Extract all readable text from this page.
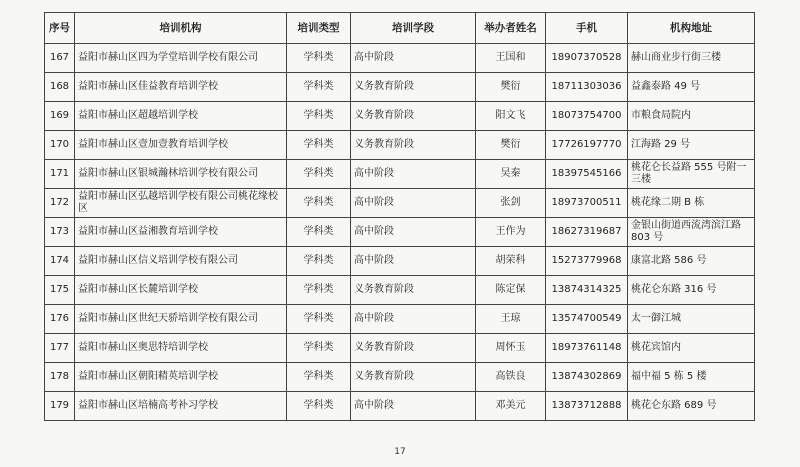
序号	培训机构	培训类型	培训学段	举办者姓名	手机	机构地址
167	益阳市赫山区四为学堂培训学校有限公司	学科类	高中阶段	王国和	18907370528	赫山商业步行街三楼
168	益阳市赫山区佳益教育培训学校	学科类	义务教育阶段	樊衍	18711303036	益鑫泰路 49 号
169	益阳市赫山区超越培训学校	学科类	义务教育阶段	阳文飞	18073754700	市粮食局院内
170	益阳市赫山区壹加壹教育培训学校	学科类	义务教育阶段	樊衍	17726197770	江海路 29 号
171	益阳市赫山区银城瀚林培训学校有限公司	学科类	高中阶段	吴秦	18397545166	桃花仑长益路 555 号附一三楼
172	益阳市赫山区弘越培训学校有限公司桃花缘校区	学科类	高中阶段	张剑	18973700511	桃花缘二期 B 栋
173	益阳市赫山区益湘教育培训学校	学科类	高中阶段	王作为	18627319687	金银山街道西流湾滨江路 803 号
174	益阳市赫山区信义培训学校有限公司	学科类	高中阶段	胡荣科	15273779968	康富北路 586 号
175	益阳市赫山区长麓培训学校	学科类	义务教育阶段	陈定保	13874314325	桃花仑东路 316 号
176	益阳市赫山区世纪天骄培训学校有限公司	学科类	高中阶段	王琼	13574700549	太一御江城
177	益阳市赫山区奥思特培训学校	学科类	义务教育阶段	周怀玉	18973761148	桃花宾馆内
178	益阳市赫山区朝阳精英培训学校	学科类	义务教育阶段	高铁良	13874302869	福中福 5 栋 5 楼
179	益阳市赫山区培楠高考补习学校	学科类	高中阶段	邓美元	13873712888	桃花仑东路 689 号
17
